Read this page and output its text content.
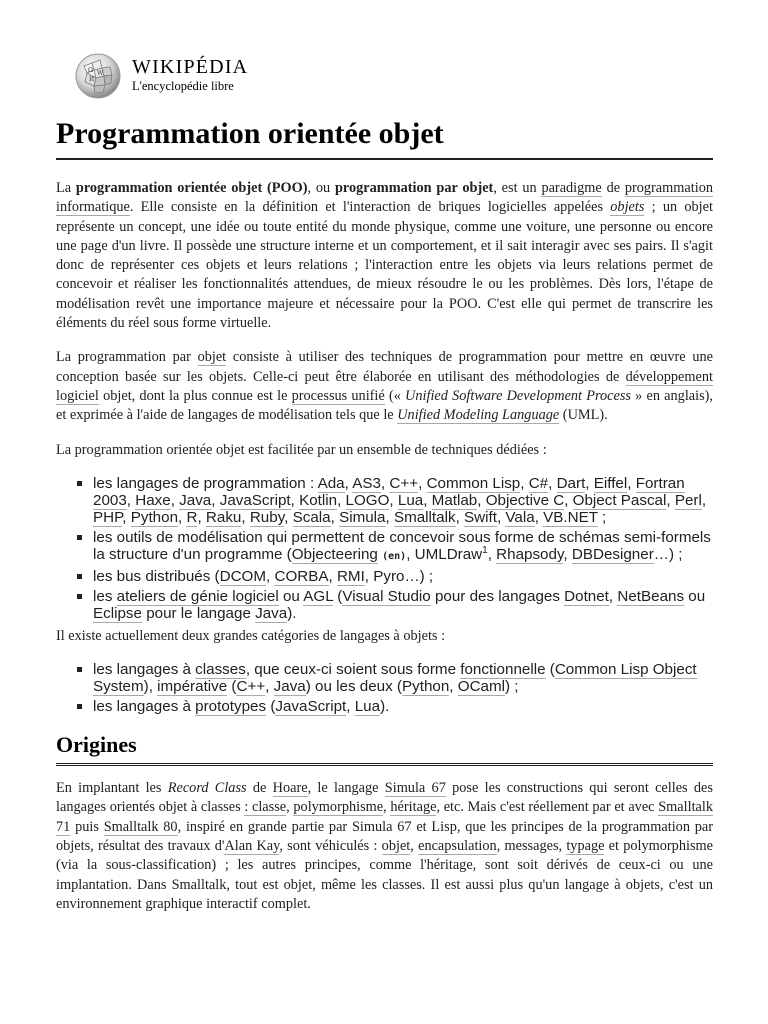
Ω W
И
WIKIPÉDIA
L'encyclopédie libre
Programmation orientée objet

La programmation orientée objet (POO), ou programmation par objet, est un paradigme de programmation informatique. Elle consiste en la définition et l'interaction de briques logicielles appelées objets ; un objet représente un concept, une idée ou toute entité du monde physique, comme une voiture, une personne ou encore une page d'un livre. Il possède une structure interne et un comportement, et il sait interagir avec ses pairs. Il s'agit donc de représenter ces objets et leurs relations ; l'interaction entre les objets via leurs relations permet de concevoir et réaliser les fonctionnalités attendues, de mieux résoudre le ou les problèmes. Dès lors, l'étape de modélisation revêt une importance majeure et nécessaire pour la POO. C'est elle qui permet de transcrire les éléments du réel sous forme virtuelle.

La programmation par objet consiste à utiliser des techniques de programmation pour mettre en œuvre une conception basée sur les objets. Celle-ci peut être élaborée en utilisant des méthodologies de développement logiciel objet, dont la plus connue est le processus unifié (« Unified Software Development Process » en anglais), et exprimée à l'aide de langages de modélisation tels que le Unified Modeling Language (UML).

La programmation orientée objet est facilitée par un ensemble de techniques dédiées :

les langages de programmation : Ada, AS3, C++, Common Lisp, C#, Dart, Eiffel, Fortran 2003, Haxe, Java, JavaScript, Kotlin, LOGO, Lua, Matlab, Objective C, Object Pascal, Perl, PHP, Python, R, Raku, Ruby, Scala, Simula, Smalltalk, Swift, Vala, VB.NET ;
les outils de modélisation qui permettent de concevoir sous forme de schémas semi-formels la structure d'un programme (Objecteering (en), UMLDraw$^1$, Rhapsody, DBDesigner…) ;
les bus distribués (DCOM, CORBA, RMI, Pyro…) ;
les ateliers de génie logiciel ou AGL (Visual Studio pour des langages Dotnet, NetBeans ou Eclipse pour le langage Java).

Il existe actuellement deux grandes catégories de langages à objets :

les langages à classes, que ceux-ci soient sous forme fonctionnelle (Common Lisp Object System), impérative (C++, Java) ou les deux (Python, OCaml) ;
les langages à prototypes (JavaScript, Lua).
Origines

En implantant les Record Class de Hoare, le langage Simula 67 pose les constructions qui seront celles des langages orientés objet à classes : classe, polymorphisme, héritage, etc. Mais c'est réellement par et avec Smalltalk 71 puis Smalltalk 80, inspiré en grande partie par Simula 67 et Lisp, que les principes de la programmation par objets, résultat des travaux d'Alan Kay, sont véhiculés : objet, encapsulation, messages, typage et polymorphisme (via la sous-classification) ; les autres principes, comme l'héritage, sont soit dérivés de ceux-ci ou une implantation. Dans Smalltalk, tout est objet, même les classes. Il est aussi plus qu'un langage à objets, c'est un environnement graphique interactif complet.
